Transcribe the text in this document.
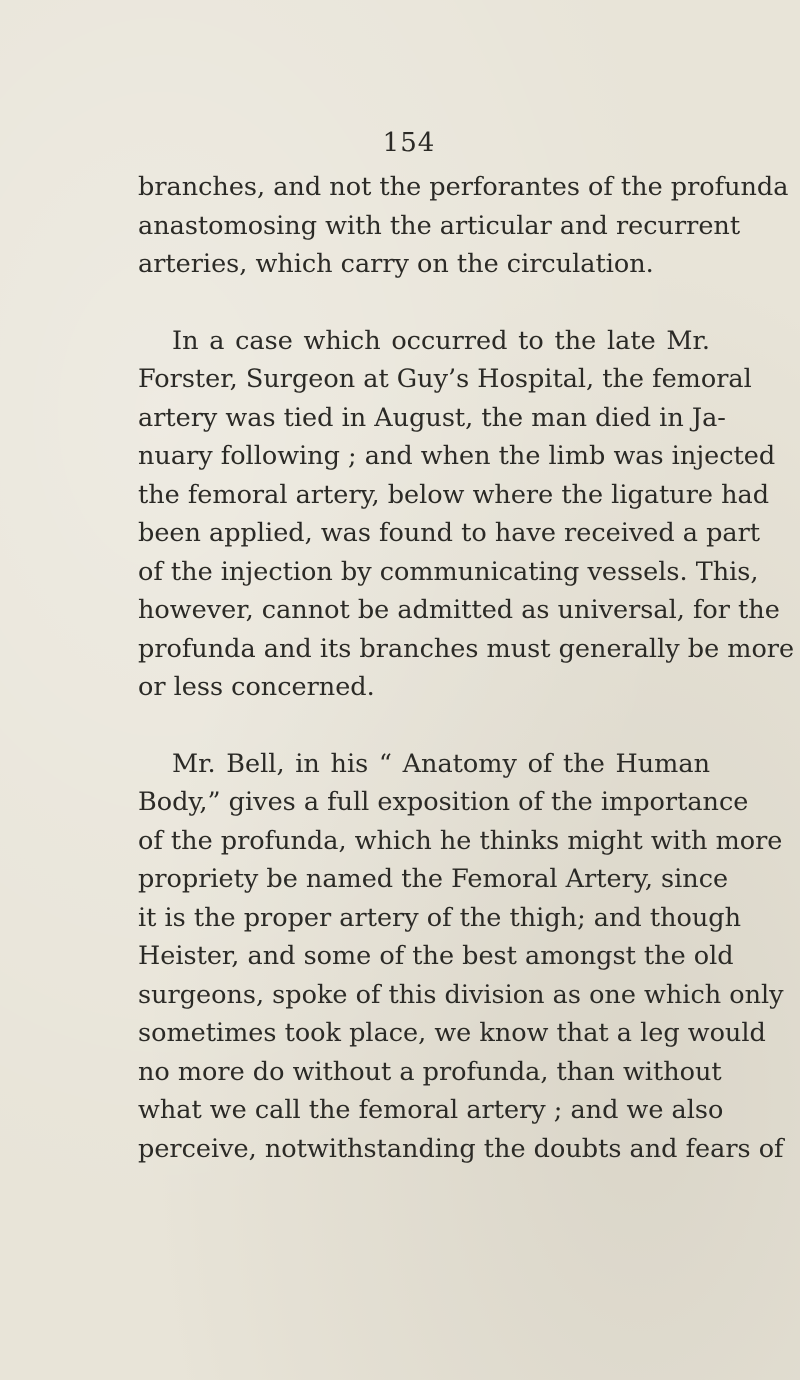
154

branches, and not the perforantes of the profunda
anastomosing with the articular and recurrent
arteries, which carry on the circulation.
In a case which occurred to the late Mr.
Forster, Surgeon at Guy’s Hospital, the femoral
artery was tied in August, the man died in Ja-
nuary following ; and when the limb was injected
the femoral artery, below where the ligature had
been applied, was found to have received a part
of the injection by communicating vessels. This,
however, cannot be admitted as universal, for the
profunda and its branches must generally be more
or less concerned.
Mr. Bell, in his “ Anatomy of the Human
Body,” gives a full exposition of the importance
of the profunda, which he thinks might with more
propriety be named the Femoral Artery, since
it is the proper artery of the thigh; and though
Heister, and some of the best amongst the old
surgeons, spoke of this division as one which only
sometimes took place, we know that a leg would
no more do without a profunda, than without
what we call the femoral artery ; and we also
perceive, notwithstanding the doubts and fears of
